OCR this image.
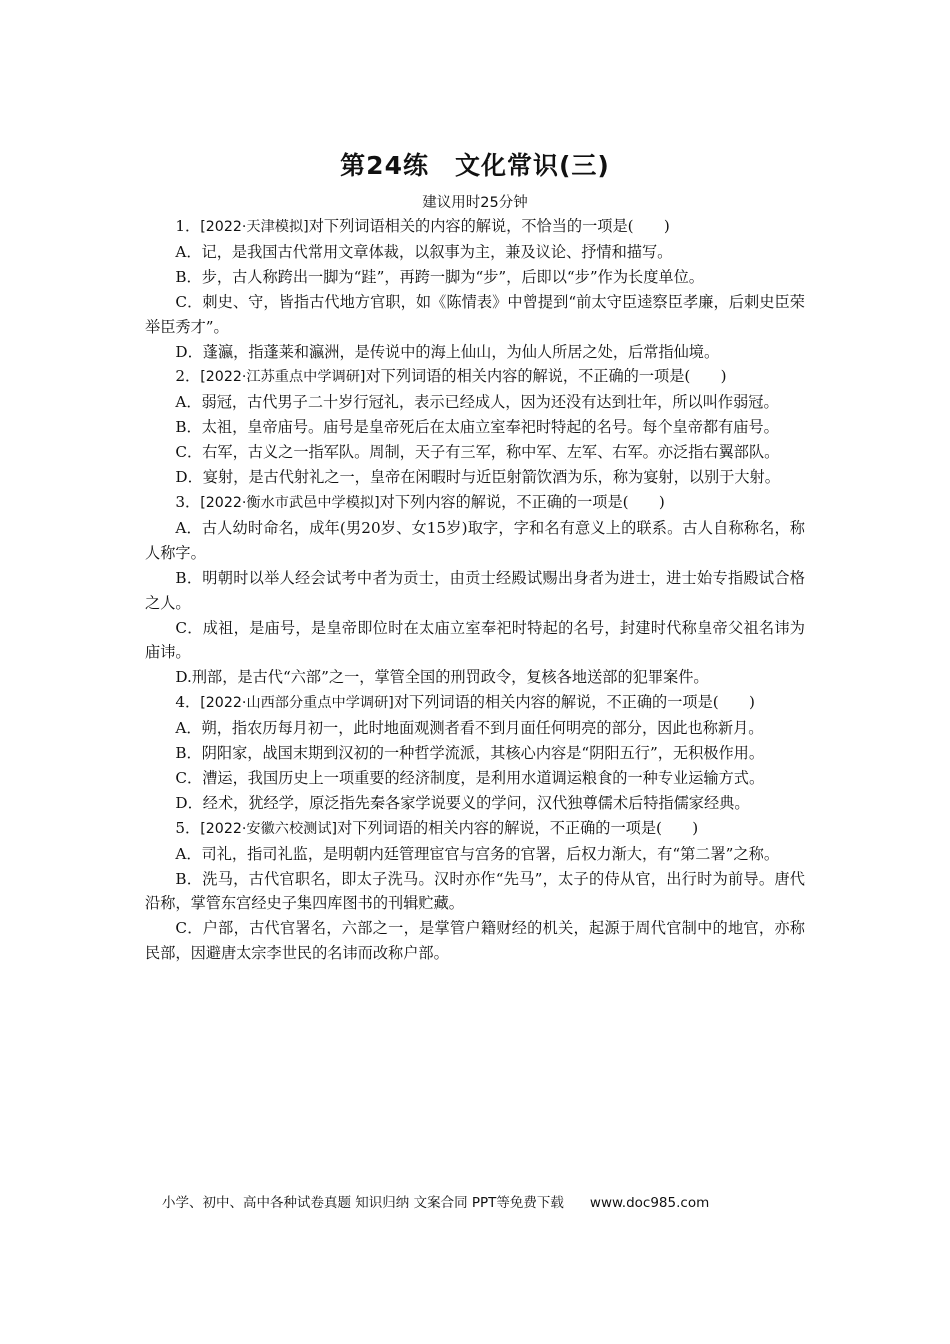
第24练　文化常识(三)
建议用时25分钟

1．[2022·天津模拟]对下列词语相关的内容的解说，不恰当的一项是(　　)

A．记，是我国古代常用文章体裁，以叙事为主，兼及议论、抒情和描写。

B．步，古人称跨出一脚为“跬”，再跨一脚为“步”，后即以“步”作为长度单位。

C．刺史、守，皆指古代地方官职，如《陈情表》中曾提到“前太守臣逵察臣孝廉，后刺史臣荣举臣秀才”。

D．蓬瀛，指蓬莱和瀛洲，是传说中的海上仙山，为仙人所居之处，后常指仙境。

2．[2022·江苏重点中学调研]对下列词语的相关内容的解说，不正确的一项是(　　)

A．弱冠，古代男子二十岁行冠礼，表示已经成人，因为还没有达到壮年，所以叫作弱冠。

B．太祖，皇帝庙号。庙号是皇帝死后在太庙立室奉祀时特起的名号。每个皇帝都有庙号。

C．右军，古义之一指军队。周制，天子有三军，称中军、左军、右军。亦泛指右翼部队。

D．宴射，是古代射礼之一，皇帝在闲暇时与近臣射箭饮酒为乐，称为宴射，以别于大射。

3．[2022·衡水市武邑中学模拟]对下列内容的解说，不正确的一项是(　　)

A．古人幼时命名，成年(男20岁、女15岁)取字，字和名有意义上的联系。古人自称称名，称人称字。

B．明朝时以举人经会试考中者为贡士，由贡士经殿试赐出身者为进士，进士始专指殿试合格之人。

C．成祖，是庙号，是皇帝即位时在太庙立室奉祀时特起的名号，封建时代称皇帝父祖名讳为庙讳。

D.刑部，是古代“六部”之一，掌管全国的刑罚政令，复核各地送部的犯罪案件。

4．[2022·山西部分重点中学调研]对下列词语的相关内容的解说，不正确的一项是(　　)

A．朔，指农历每月初一，此时地面观测者看不到月面任何明亮的部分，因此也称新月。

B．阴阳家，战国末期到汉初的一种哲学流派，其核心内容是“阴阳五行”，无积极作用。

C．漕运，我国历史上一项重要的经济制度，是利用水道调运粮食的一种专业运输方式。

D．经术，犹经学，原泛指先秦各家学说要义的学问，汉代独尊儒术后特指儒家经典。

5．[2022·安徽六校测试]对下列词语的相关内容的解说，不正确的一项是(　　)

A．司礼，指司礼监，是明朝内廷管理宦官与宫务的官署，后权力渐大，有“第二署”之称。

B．洗马，古代官职名，即太子洗马。汉时亦作“先马”，太子的侍从官，出行时为前导。唐代沿称，掌管东宫经史子集四库图书的刊辑贮藏。

C．户部，古代官署名，六部之一，是掌管户籍财经的机关，起源于周代官制中的地官，亦称民部，因避唐太宗李世民的名讳而改称户部。

小学、初中、高中各种试卷真题 知识归纳 文案合同 PPT等免费下载 www.doc985.com
